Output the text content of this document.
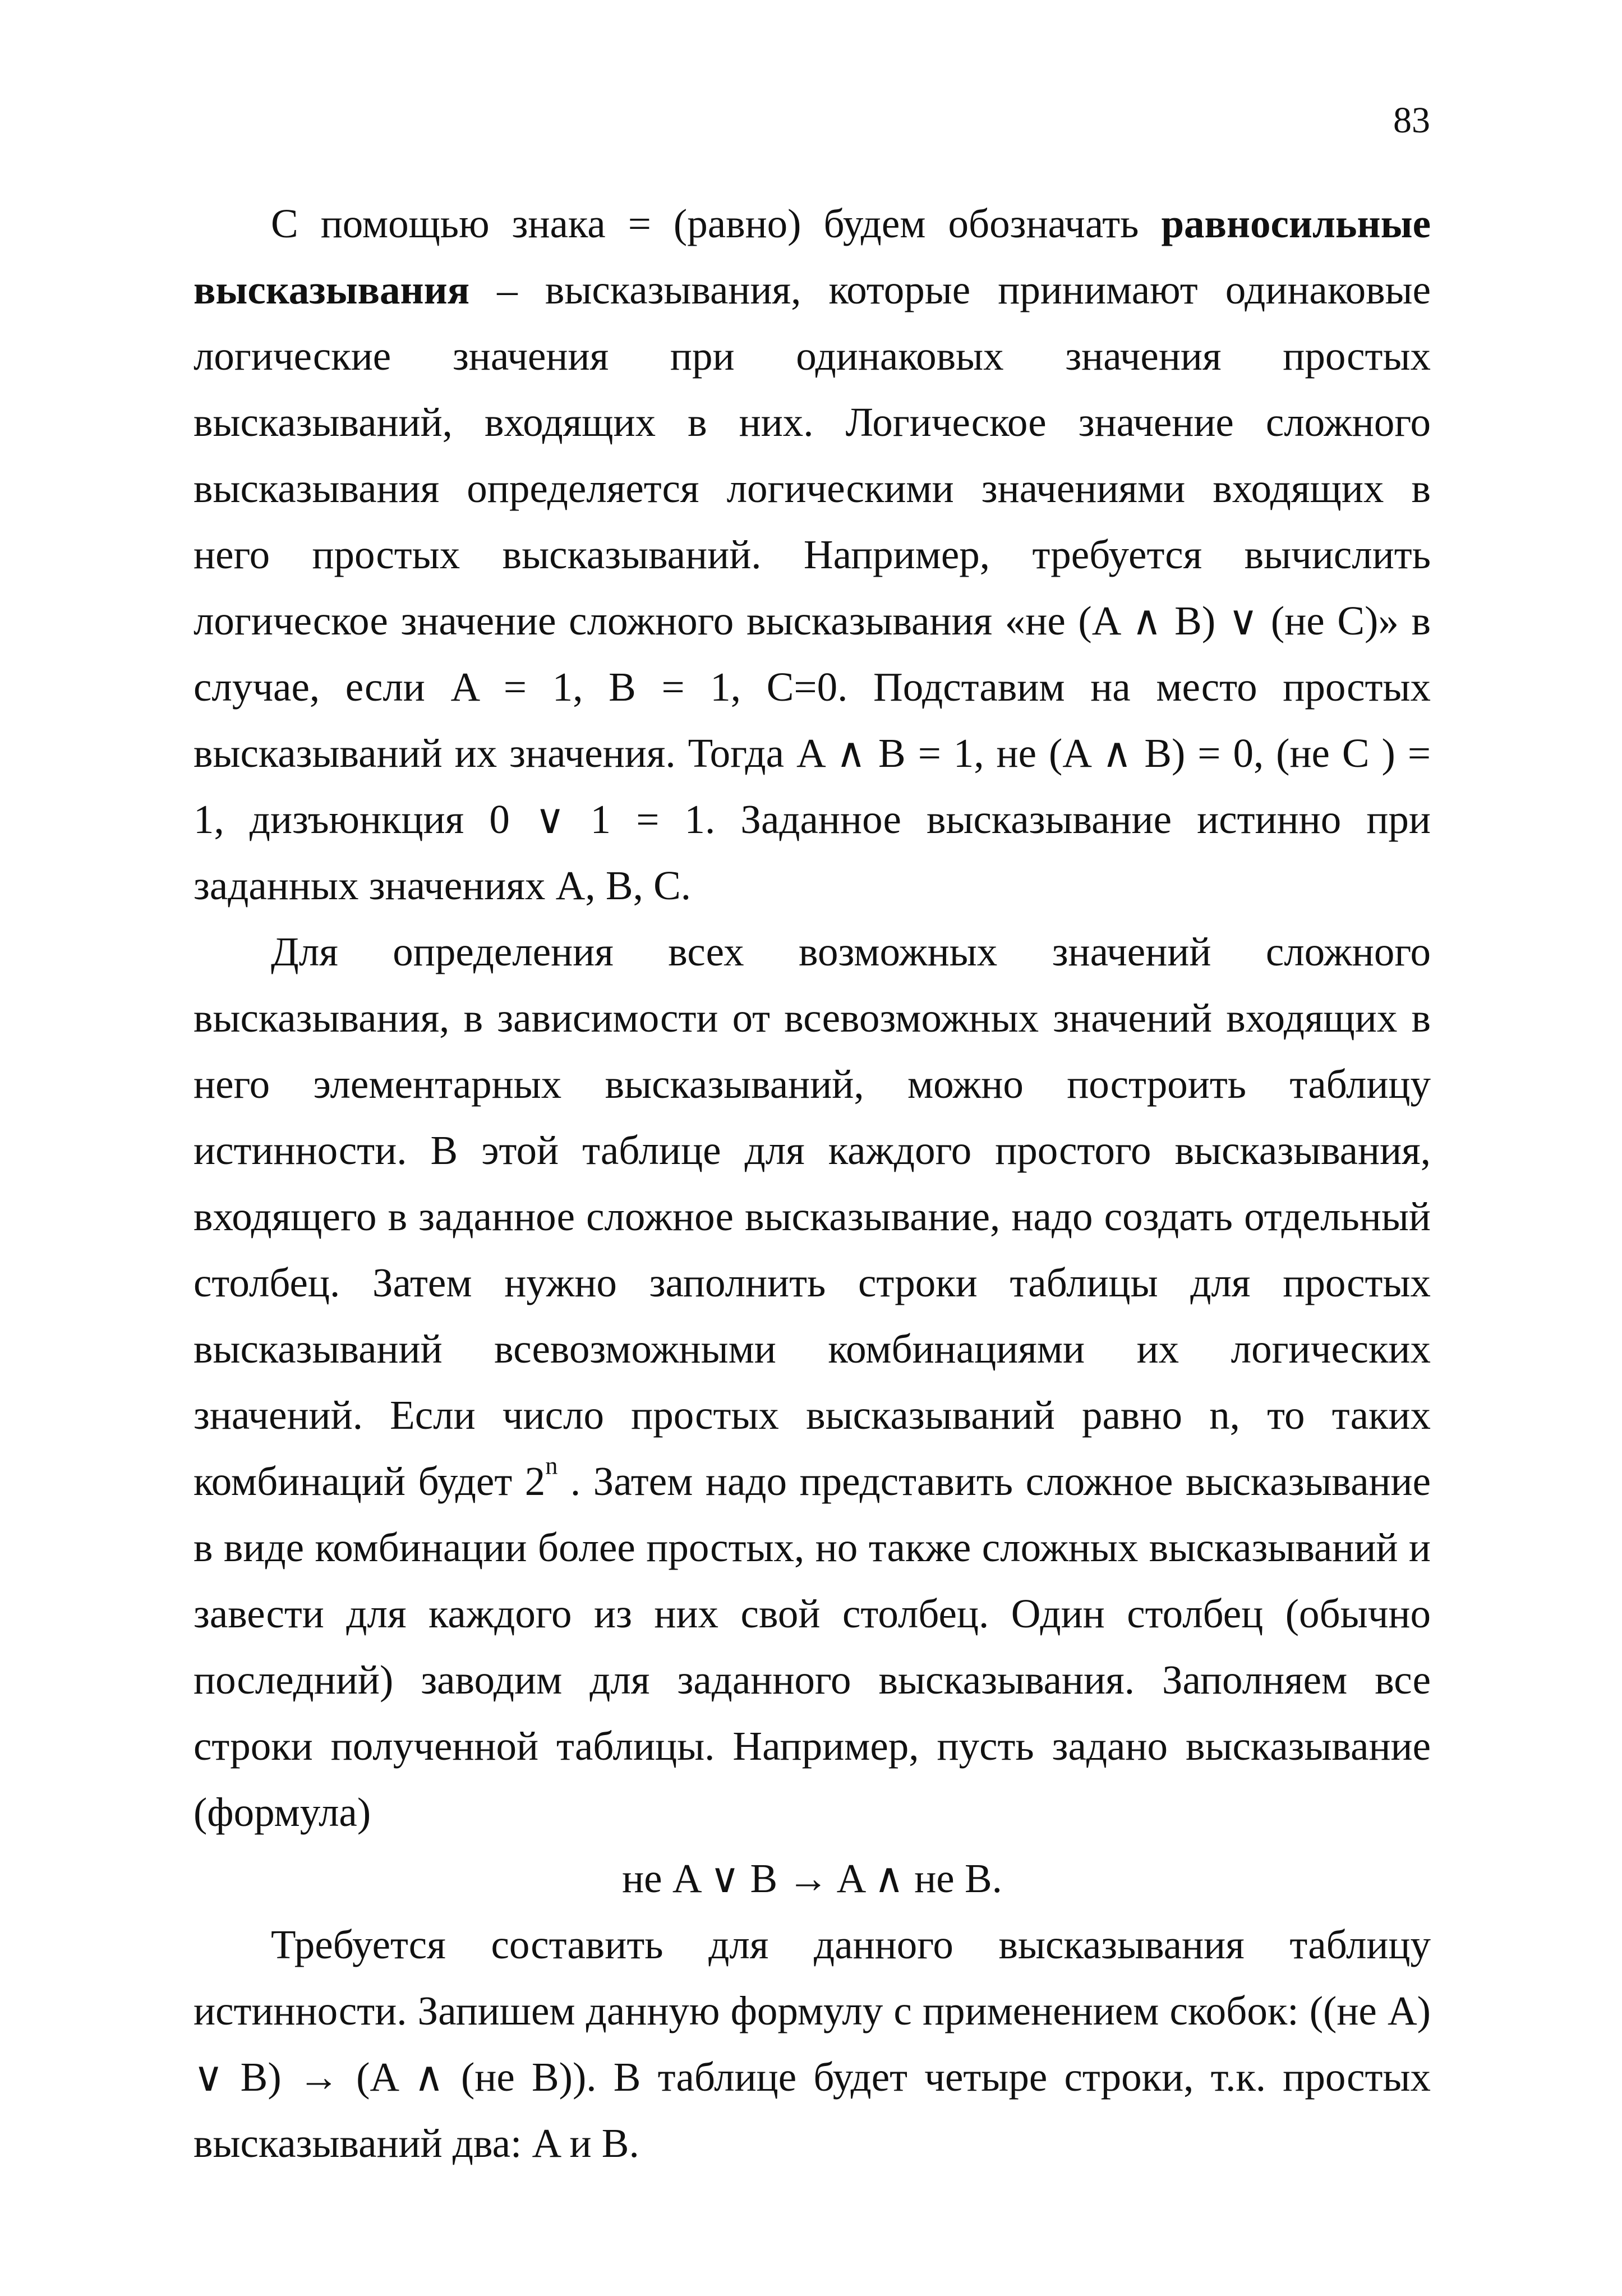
83

С помощью знака = (равно) будем обозначать равносильные высказывания – высказывания, которые принимают одинаковые логические значения при одинаковых значения простых высказываний, входящих в них. Логическое значение сложного высказывания определяется логическими значениями входящих в него простых высказываний. Например, требуется вычислить логическое значение сложного высказывания «не (A ∧ B) ∨ (не C)» в случае, если A = 1, B = 1, C=0. Подставим на место простых высказываний их значения. Тогда A ∧ B = 1, не (A ∧ B) = 0, (не C ) = 1, дизъюнкция 0 ∨ 1 = 1. Заданное высказывание истинно при заданных значениях A, B, C.

Для определения всех возможных значений сложного высказывания, в зависимости от всевозможных значений входящих в него элементарных высказываний, можно построить таблицу истинности. В этой таблице для каждого простого высказывания, входящего в заданное сложное высказывание, надо создать отдельный столбец. Затем нужно заполнить строки таблицы для простых высказываний всевозможными комбинациями их логических значений. Если число простых высказываний равно n, то таких комбинаций будет 2$^n$ . Затем надо представить сложное высказывание в виде комбинации более простых, но также сложных высказываний и завести для каждого из них свой столбец. Один столбец (обычно последний) заводим для заданного высказывания. Заполняем все строки полученной таблицы. Например, пусть задано высказывание (формула)

не A ∨ B → A ∧ не B.

Требуется составить для данного высказывания таблицу истинности. Запишем данную формулу с применением скобок: ((не A) ∨ B) → (A ∧ (не B)). В таблице будет четыре строки, т.к. простых высказываний два: A и B.
